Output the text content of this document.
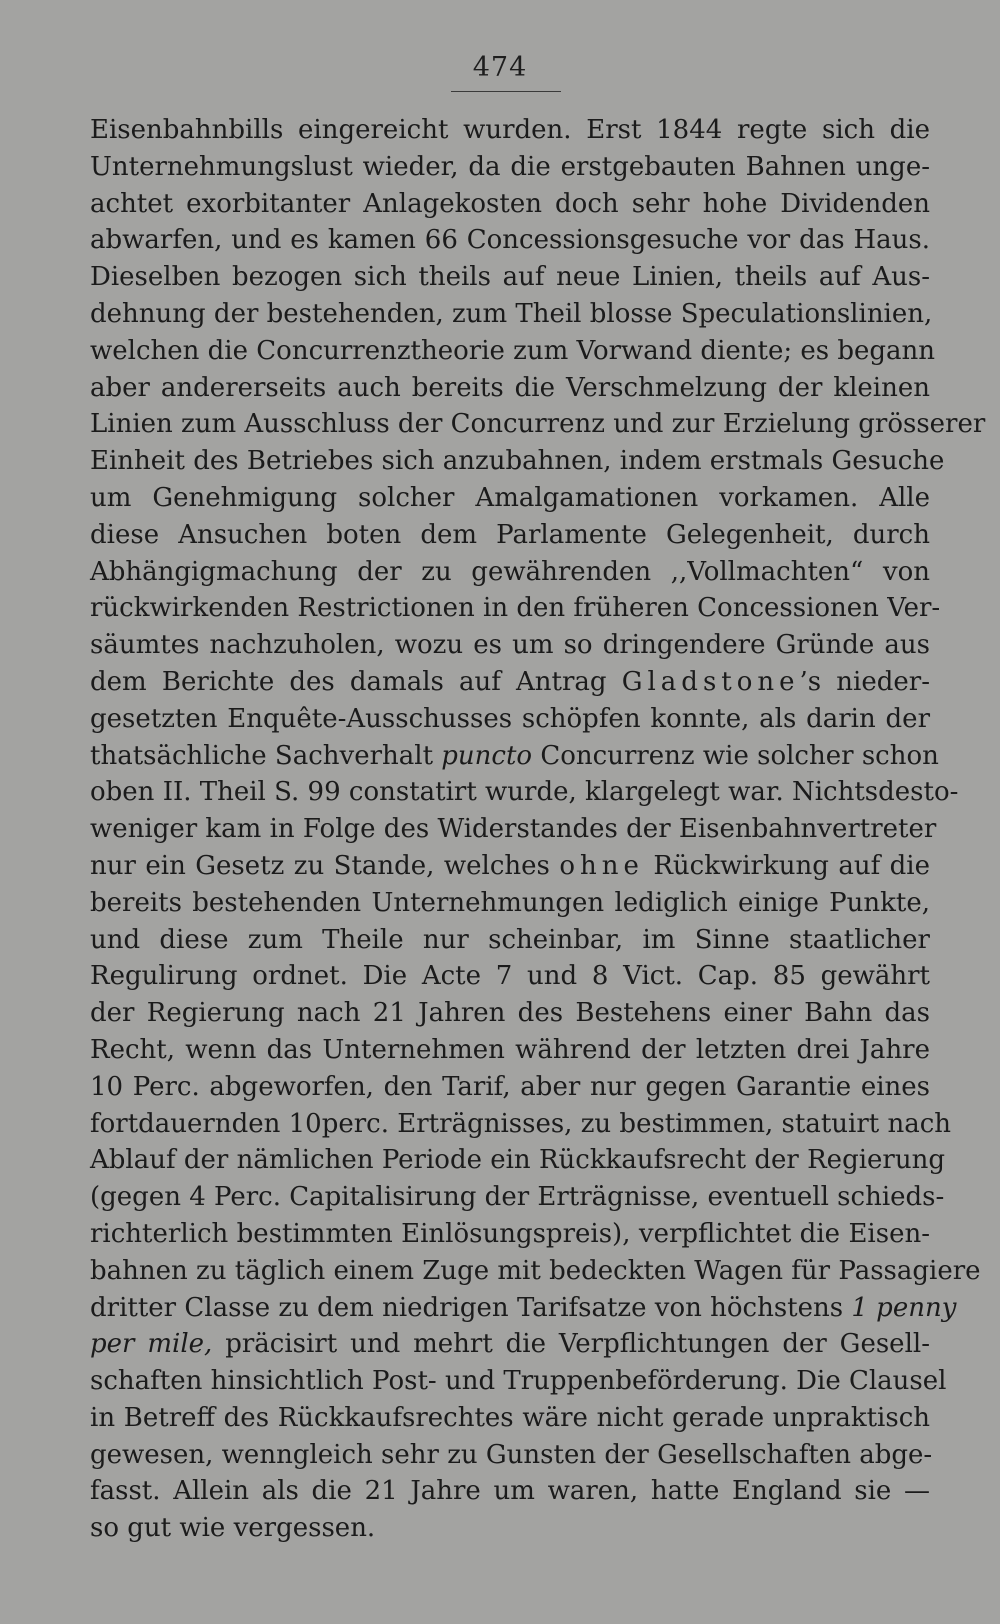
474
Eisenbahnbills eingereicht wurden. Erst 1844 regte sich die
Unternehmungslust wieder, da die erstgebauten Bahnen unge-
achtet exorbitanter Anlagekosten doch sehr hohe Dividenden
abwarfen, und es kamen 66 Concessionsgesuche vor das Haus.
Dieselben bezogen sich theils auf neue Linien, theils auf Aus-
dehnung der bestehenden, zum Theil blosse Speculationslinien,
welchen die Concurrenztheorie zum Vorwand diente; es begann
aber andererseits auch bereits die Verschmelzung der kleinen
Linien zum Ausschluss der Concurrenz und zur Erzielung grösserer
Einheit des Betriebes sich anzubahnen, indem erstmals Gesuche
um Genehmigung solcher Amalgamationen vorkamen. Alle
diese Ansuchen boten dem Parlamente Gelegenheit, durch
Abhängigmachung der zu gewährenden ,,Vollmachten“ von
rückwirkenden Restrictionen in den früheren Concessionen Ver-
säumtes nachzuholen, wozu es um so dringendere Gründe aus
dem Berichte des damals auf Antrag Gladstone’s nieder-
gesetzten Enquête-Ausschusses schöpfen konnte, als darin der
thatsächliche Sachverhalt puncto Concurrenz wie solcher schon
oben II. Theil S. 99 constatirt wurde, klargelegt war. Nichtsdesto-
weniger kam in Folge des Widerstandes der Eisenbahnvertreter
nur ein Gesetz zu Stande, welches ohne Rückwirkung auf die
bereits bestehenden Unternehmungen lediglich einige Punkte,
und diese zum Theile nur scheinbar, im Sinne staatlicher
Regulirung ordnet. Die Acte 7 und 8 Vict. Cap. 85 gewährt
der Regierung nach 21 Jahren des Bestehens einer Bahn das
Recht, wenn das Unternehmen während der letzten drei Jahre
10 Perc. abgeworfen, den Tarif, aber nur gegen Garantie eines
fortdauernden 10perc. Erträgnisses, zu bestimmen, statuirt nach
Ablauf der nämlichen Periode ein Rückkaufsrecht der Regierung
(gegen 4 Perc. Capitalisirung der Erträgnisse, eventuell schieds-
richterlich bestimmten Einlösungspreis), verpflichtet die Eisen-
bahnen zu täglich einem Zuge mit bedeckten Wagen für Passagiere
dritter Classe zu dem niedrigen Tarifsatze von höchstens 1 penny
per mile, präcisirt und mehrt die Verpflichtungen der Gesell-
schaften hinsichtlich Post- und Truppenbeförderung. Die Clausel
in Betreff des Rückkaufsrechtes wäre nicht gerade unpraktisch
gewesen, wenngleich sehr zu Gunsten der Gesellschaften abge-
fasst. Allein als die 21 Jahre um waren, hatte England sie —
so gut wie vergessen.
